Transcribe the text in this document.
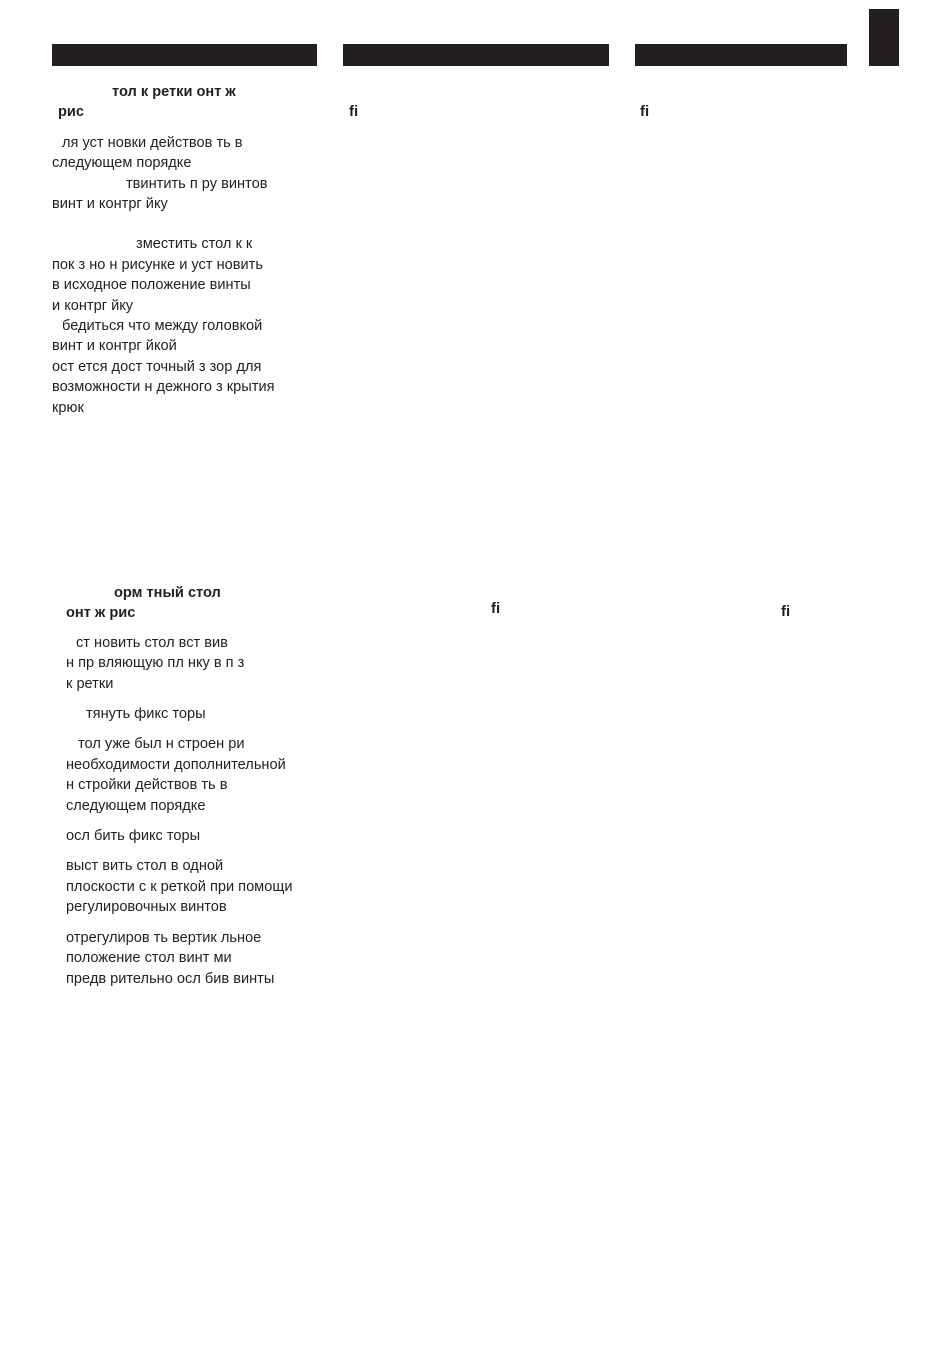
тол к ретки онт ж
рис
ля уст новки действов ть в
следующем порядке
твинтить п ру винтов
винт и контрг йку
зместить стол к к
пок з но н рисунке и уст новить
в исходное положение винты
и контрг йку
бедиться что между головкой
винт и контрг йкой
ост ется дост точный з зор для
возможности н дежного з крытия
крюк
орм тный стол
онт ж рис
ст новить стол вст вив
н пр вляющую пл нку в п з
к ретки
тянуть фикс торы
тол уже был н строен ри
необходимости дополнительной
н стройки действов ть в
следующем порядке
осл бить фикс торы
выст вить стол в одной
плоскости с к реткой при помощи
регулировочных винтов
отрегулиров ть вертик льное
положение стол винт ми
предв рительно осл бив винты
fi	fi
fi	fi
